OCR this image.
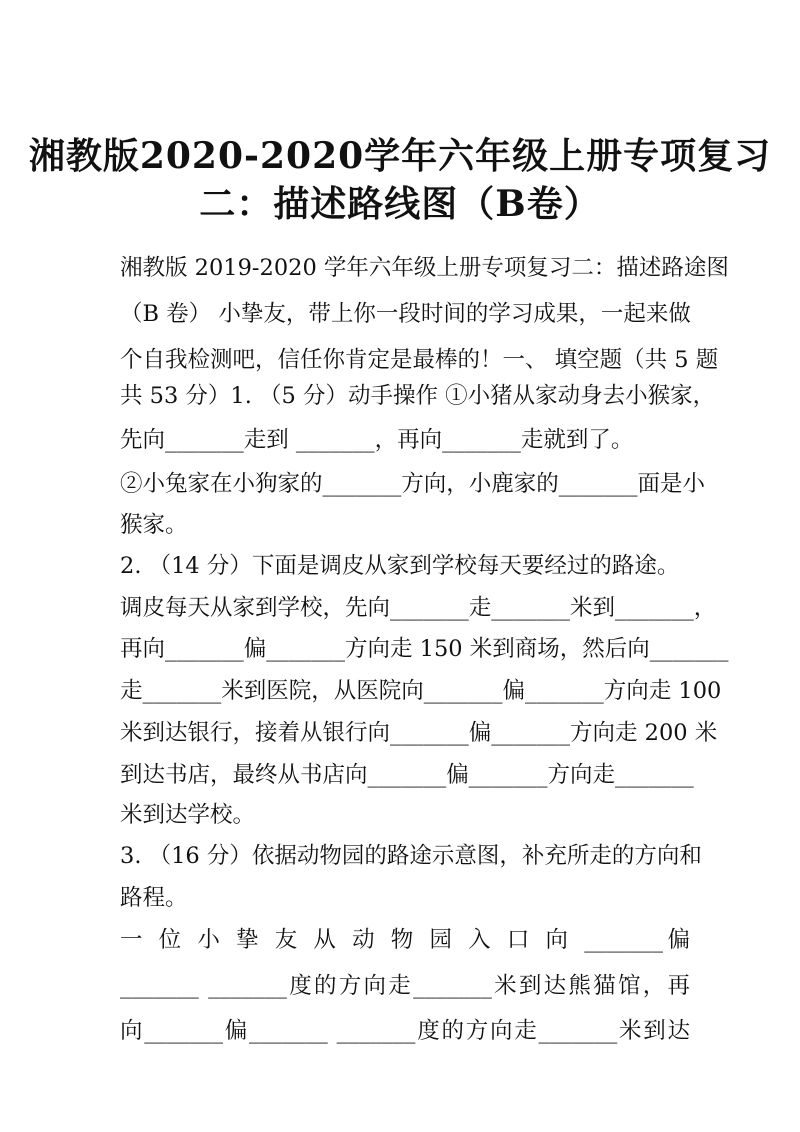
湘教版2020-2020学年六年级上册专项复习
二：描述路线图（B卷）

湘教版 2019-2020 学年六年级上册专项复习二：描述路途图

（B 卷） 小挚友，带上你一段时间的学习成果，一起来做

个自我检测吧，信任你肯定是最棒的！一、 填空题（共 5 题

共 53 分）1. （5 分）动手操作 ①小猪从家动身去小猴家，

先向_______走到 _______，再向_______走就到了。

②小兔家在小狗家的_______方向，小鹿家的_______面是小

猴家。

2. （14 分）下面是调皮从家到学校每天要经过的路途。

调皮每天从家到学校，先向_______走_______米到_______，

再向_______偏_______方向走 150 米到商场，然后向_______

走_______米到医院，从医院向_______偏_______方向走 100

米到达银行，接着从银行向_______偏_______方向走 200 米

到达书店，最终从书店向_______偏_______方向走_______

米到达学校。

3. （16 分）依据动物园的路途示意图，补充所走的方向和

路程。

一 位 小 挚 友 从 动 物 园 入 口 向 _______偏

_______ _______度的方向走_______米到达熊猫馆，再

向_______偏_______ _______度的方向走_______米到达
